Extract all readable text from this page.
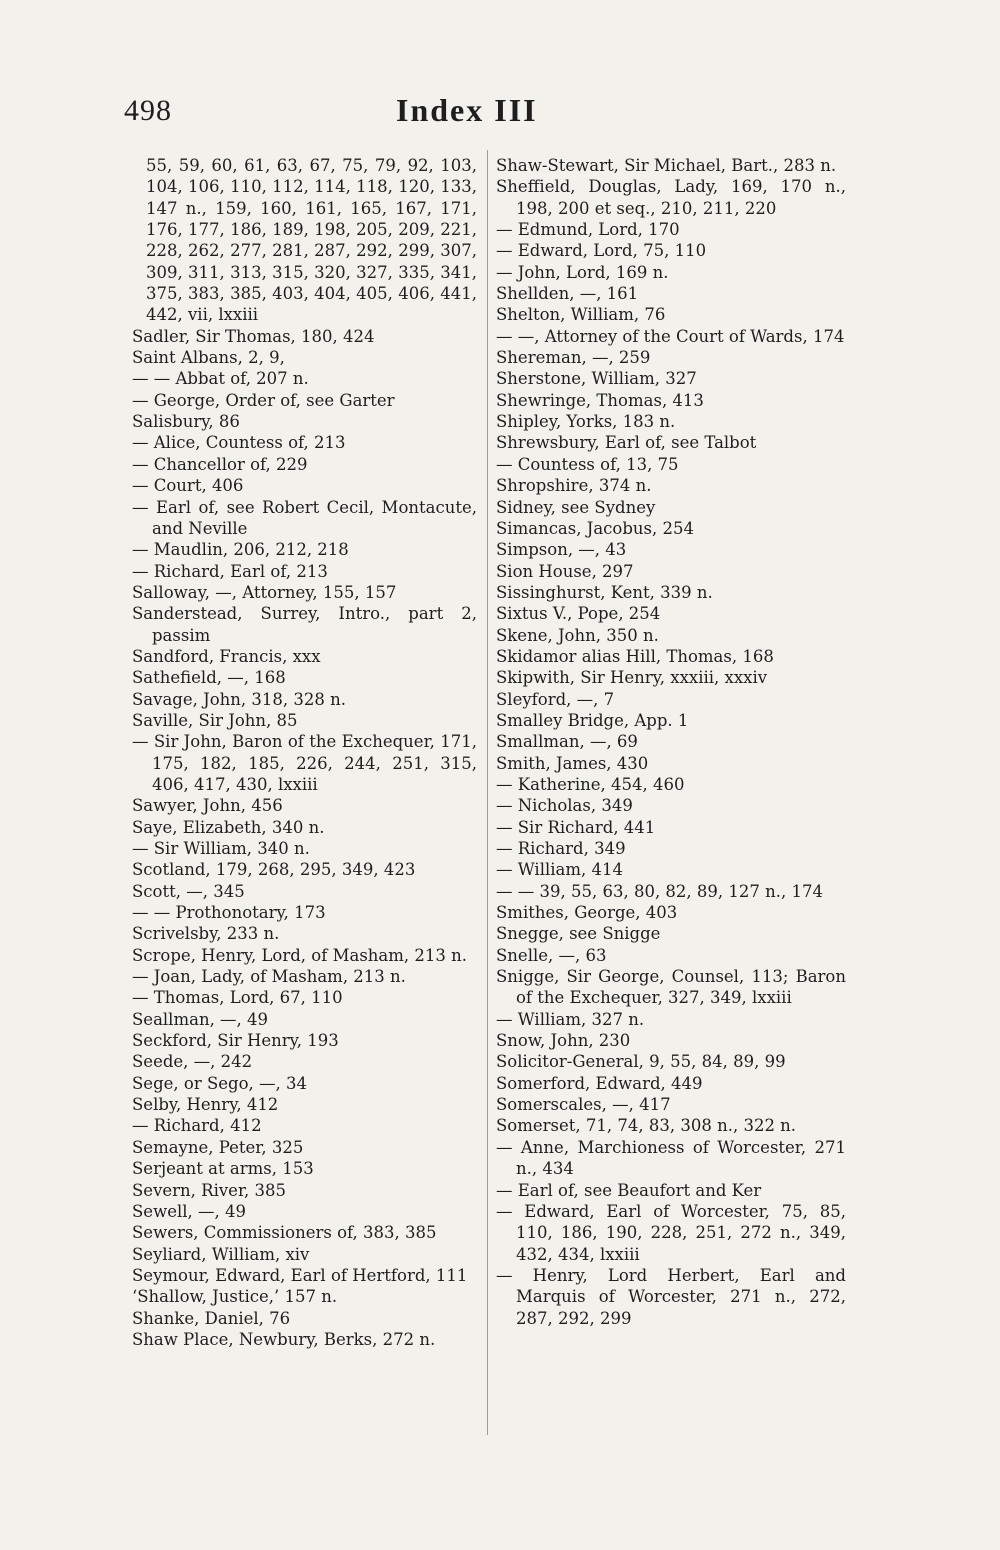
498	Index III
55, 59, 60, 61, 63, 67, 75, 79, 92, 103, 104, 106, 110, 112, 114, 118, 120, 133, 147 n., 159, 160, 161, 165, 167, 171, 176, 177, 186, 189, 198, 205, 209, 221, 228, 262, 277, 281, 287, 292, 299, 307, 309, 311, 313, 315, 320, 327, 335, 341, 375, 383, 385, 403, 404, 405, 406, 441, 442, vii, lxxiii
Sadler, Sir Thomas, 180, 424
Saint Albans, 2, 9,
— — Abbat of, 207 n.
— George, Order of, see Garter
Salisbury, 86
— Alice, Countess of, 213
— Chancellor of, 229
— Court, 406
— Earl of, see Robert Cecil, Montacute, and Neville
— Maudlin, 206, 212, 218
— Richard, Earl of, 213
Salloway, —, Attorney, 155, 157
Sanderstead, Surrey, Intro., part 2, passim
Sandford, Francis, xxx
Sathefield, —, 168
Savage, John, 318, 328 n.
Saville, Sir John, 85
— Sir John, Baron of the Exchequer, 171, 175, 182, 185, 226, 244, 251, 315, 406, 417, 430, lxxiii
Sawyer, John, 456
Saye, Elizabeth, 340 n.
— Sir William, 340 n.
Scotland, 179, 268, 295, 349, 423
Scott, —, 345
— — Prothonotary, 173
Scrivelsby, 233 n.
Scrope, Henry, Lord, of Masham, 213 n.
— Joan, Lady, of Masham, 213 n.
— Thomas, Lord, 67, 110
Seallman, —, 49
Seckford, Sir Henry, 193
Seede, —, 242
Sege, or Sego, —, 34
Selby, Henry, 412
— Richard, 412
Semayne, Peter, 325
Serjeant at arms, 153
Severn, River, 385
Sewell, —, 49
Sewers, Commissioners of, 383, 385
Seyliard, William, xiv
Seymour, Edward, Earl of Hertford, 111
‘Shallow, Justice,’ 157 n.
Shanke, Daniel, 76
Shaw Place, Newbury, Berks, 272 n.
Shaw-Stewart, Sir Michael, Bart., 283 n.
Sheffield, Douglas, Lady, 169, 170 n., 198, 200 et seq., 210, 211, 220
— Edmund, Lord, 170
— Edward, Lord, 75, 110
— John, Lord, 169 n.
Shellden, —, 161
Shelton, William, 76
— —, Attorney of the Court of Wards, 174
Shereman, —, 259
Sherstone, William, 327
Shewringe, Thomas, 413
Shipley, Yorks, 183 n.
Shrewsbury, Earl of, see Talbot
— Countess of, 13, 75
Shropshire, 374 n.
Sidney, see Sydney
Simancas, Jacobus, 254
Simpson, —, 43
Sion House, 297
Sissinghurst, Kent, 339 n.
Sixtus V., Pope, 254
Skene, John, 350 n.
Skidamor alias Hill, Thomas, 168
Skipwith, Sir Henry, xxxiii, xxxiv
Sleyford, —, 7
Smalley Bridge, App. 1
Smallman, —, 69
Smith, James, 430
— Katherine, 454, 460
— Nicholas, 349
— Sir Richard, 441
— Richard, 349
— William, 414
— — 39, 55, 63, 80, 82, 89, 127 n., 174
Smithes, George, 403
Snegge, see Snigge
Snelle, —, 63
Snigge, Sir George, Counsel, 113; Baron of the Exchequer, 327, 349, lxxiii
— William, 327 n.
Snow, John, 230
Solicitor-General, 9, 55, 84, 89, 99
Somerford, Edward, 449
Somerscales, —, 417
Somerset, 71, 74, 83, 308 n., 322 n.
— Anne, Marchioness of Worcester, 271 n., 434
— Earl of, see Beaufort and Ker
— Edward, Earl of Worcester, 75, 85, 110, 186, 190, 228, 251, 272 n., 349, 432, 434, lxxiii
— Henry, Lord Herbert, Earl and Marquis of Worcester, 271 n., 272, 287, 292, 299
